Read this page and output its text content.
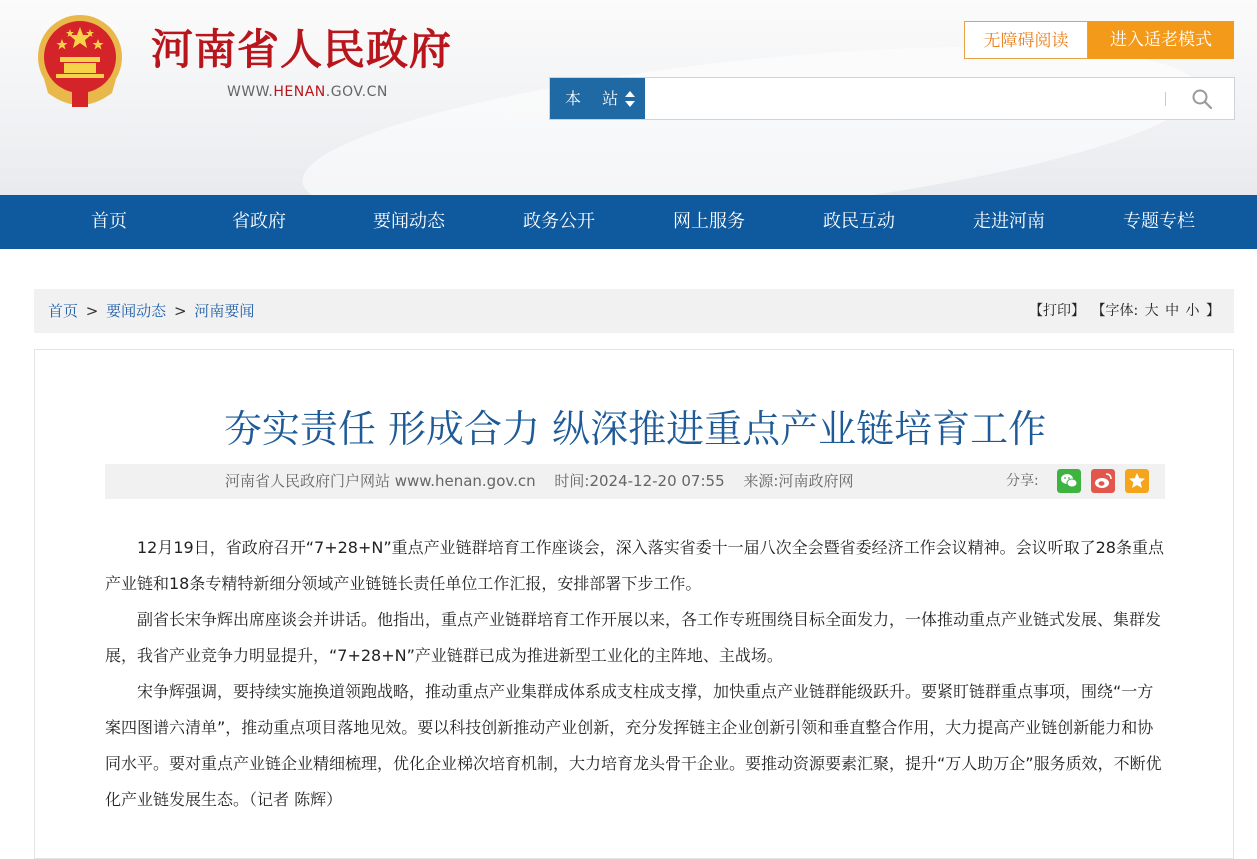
河南省人民政府
WWW.HENAN.GOV.CN
无障碍阅读	进入适老模式
本 站
首页	省政府	要闻动态	政务公开	网上服务	政民互动	走进河南	专题专栏
首页 > 要闻动态 > 河南要闻	【打印】 【字体: 大 中 小 】
夯实责任 形成合力 纵深推进重点产业链培育工作
河南省人民政府门户网站 www.henan.gov.cn 时间:2024-12-20 07:55 来源:河南政府网	分享:

12月19日，省政府召开“7+28+N”重点产业链群培育工作座谈会，深入落实省委十一届八次全会暨省委经济工作会议精神。会议听取了28条重点产业链和18条专精特新细分领域产业链链长责任单位工作汇报，安排部署下步工作。

副省长宋争辉出席座谈会并讲话。他指出，重点产业链群培育工作开展以来，各工作专班围绕目标全面发力，一体推动重点产业链式发展、集群发展，我省产业竞争力明显提升，“7+28+N”产业链群已成为推进新型工业化的主阵地、主战场。

宋争辉强调，要持续实施换道领跑战略，推动重点产业集群成体系成支柱成支撑，加快重点产业链群能级跃升。要紧盯链群重点事项，围绕“一方案四图谱六清单”，推动重点项目落地见效。要以科技创新推动产业创新，充分发挥链主企业创新引领和垂直整合作用，大力提高产业链创新能力和协同水平。要对重点产业链企业精细梳理，优化企业梯次培育机制，大力培育龙头骨干企业。要推动资源要素汇聚，提升“万人助万企”服务质效，不断优化产业链发展生态。（记者 陈辉）
